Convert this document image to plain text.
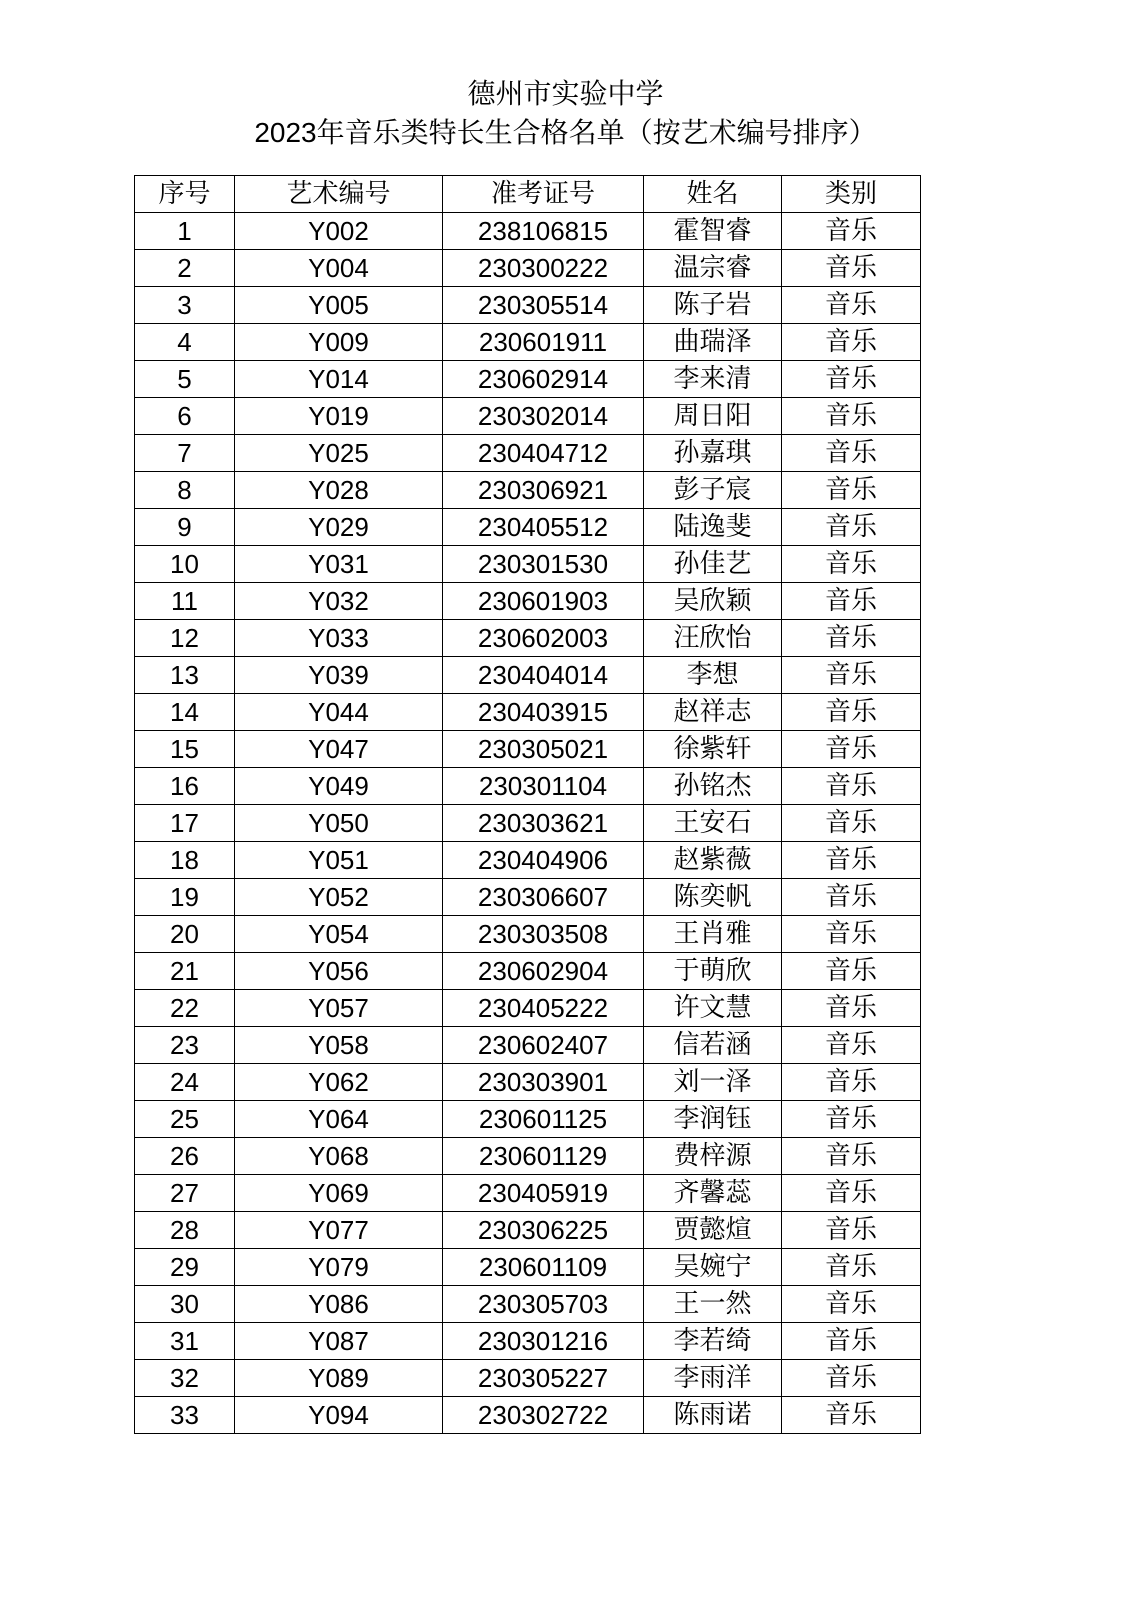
德州市实验中学
2023年音乐类特长生合格名单（按艺术编号排序）
序号	艺术编号	准考证号	姓名	类别
1	Y002	238106815	霍智睿	音乐
2	Y004	230300222	温宗睿	音乐
3	Y005	230305514	陈子岩	音乐
4	Y009	230601911	曲瑞泽	音乐
5	Y014	230602914	李来清	音乐
6	Y019	230302014	周日阳	音乐
7	Y025	230404712	孙嘉琪	音乐
8	Y028	230306921	彭子宸	音乐
9	Y029	230405512	陆逸斐	音乐
10	Y031	230301530	孙佳艺	音乐
11	Y032	230601903	吴欣颖	音乐
12	Y033	230602003	汪欣怡	音乐
13	Y039	230404014	李想	音乐
14	Y044	230403915	赵祥志	音乐
15	Y047	230305021	徐紫轩	音乐
16	Y049	230301104	孙铭杰	音乐
17	Y050	230303621	王安石	音乐
18	Y051	230404906	赵紫薇	音乐
19	Y052	230306607	陈奕帆	音乐
20	Y054	230303508	王肖雅	音乐
21	Y056	230602904	于萌欣	音乐
22	Y057	230405222	许文慧	音乐
23	Y058	230602407	信若涵	音乐
24	Y062	230303901	刘一泽	音乐
25	Y064	230601125	李润钰	音乐
26	Y068	230601129	费梓源	音乐
27	Y069	230405919	齐馨蕊	音乐
28	Y077	230306225	贾懿煊	音乐
29	Y079	230601109	吴婉宁	音乐
30	Y086	230305703	王一然	音乐
31	Y087	230301216	李若绮	音乐
32	Y089	230305227	李雨洋	音乐
33	Y094	230302722	陈雨诺	音乐
